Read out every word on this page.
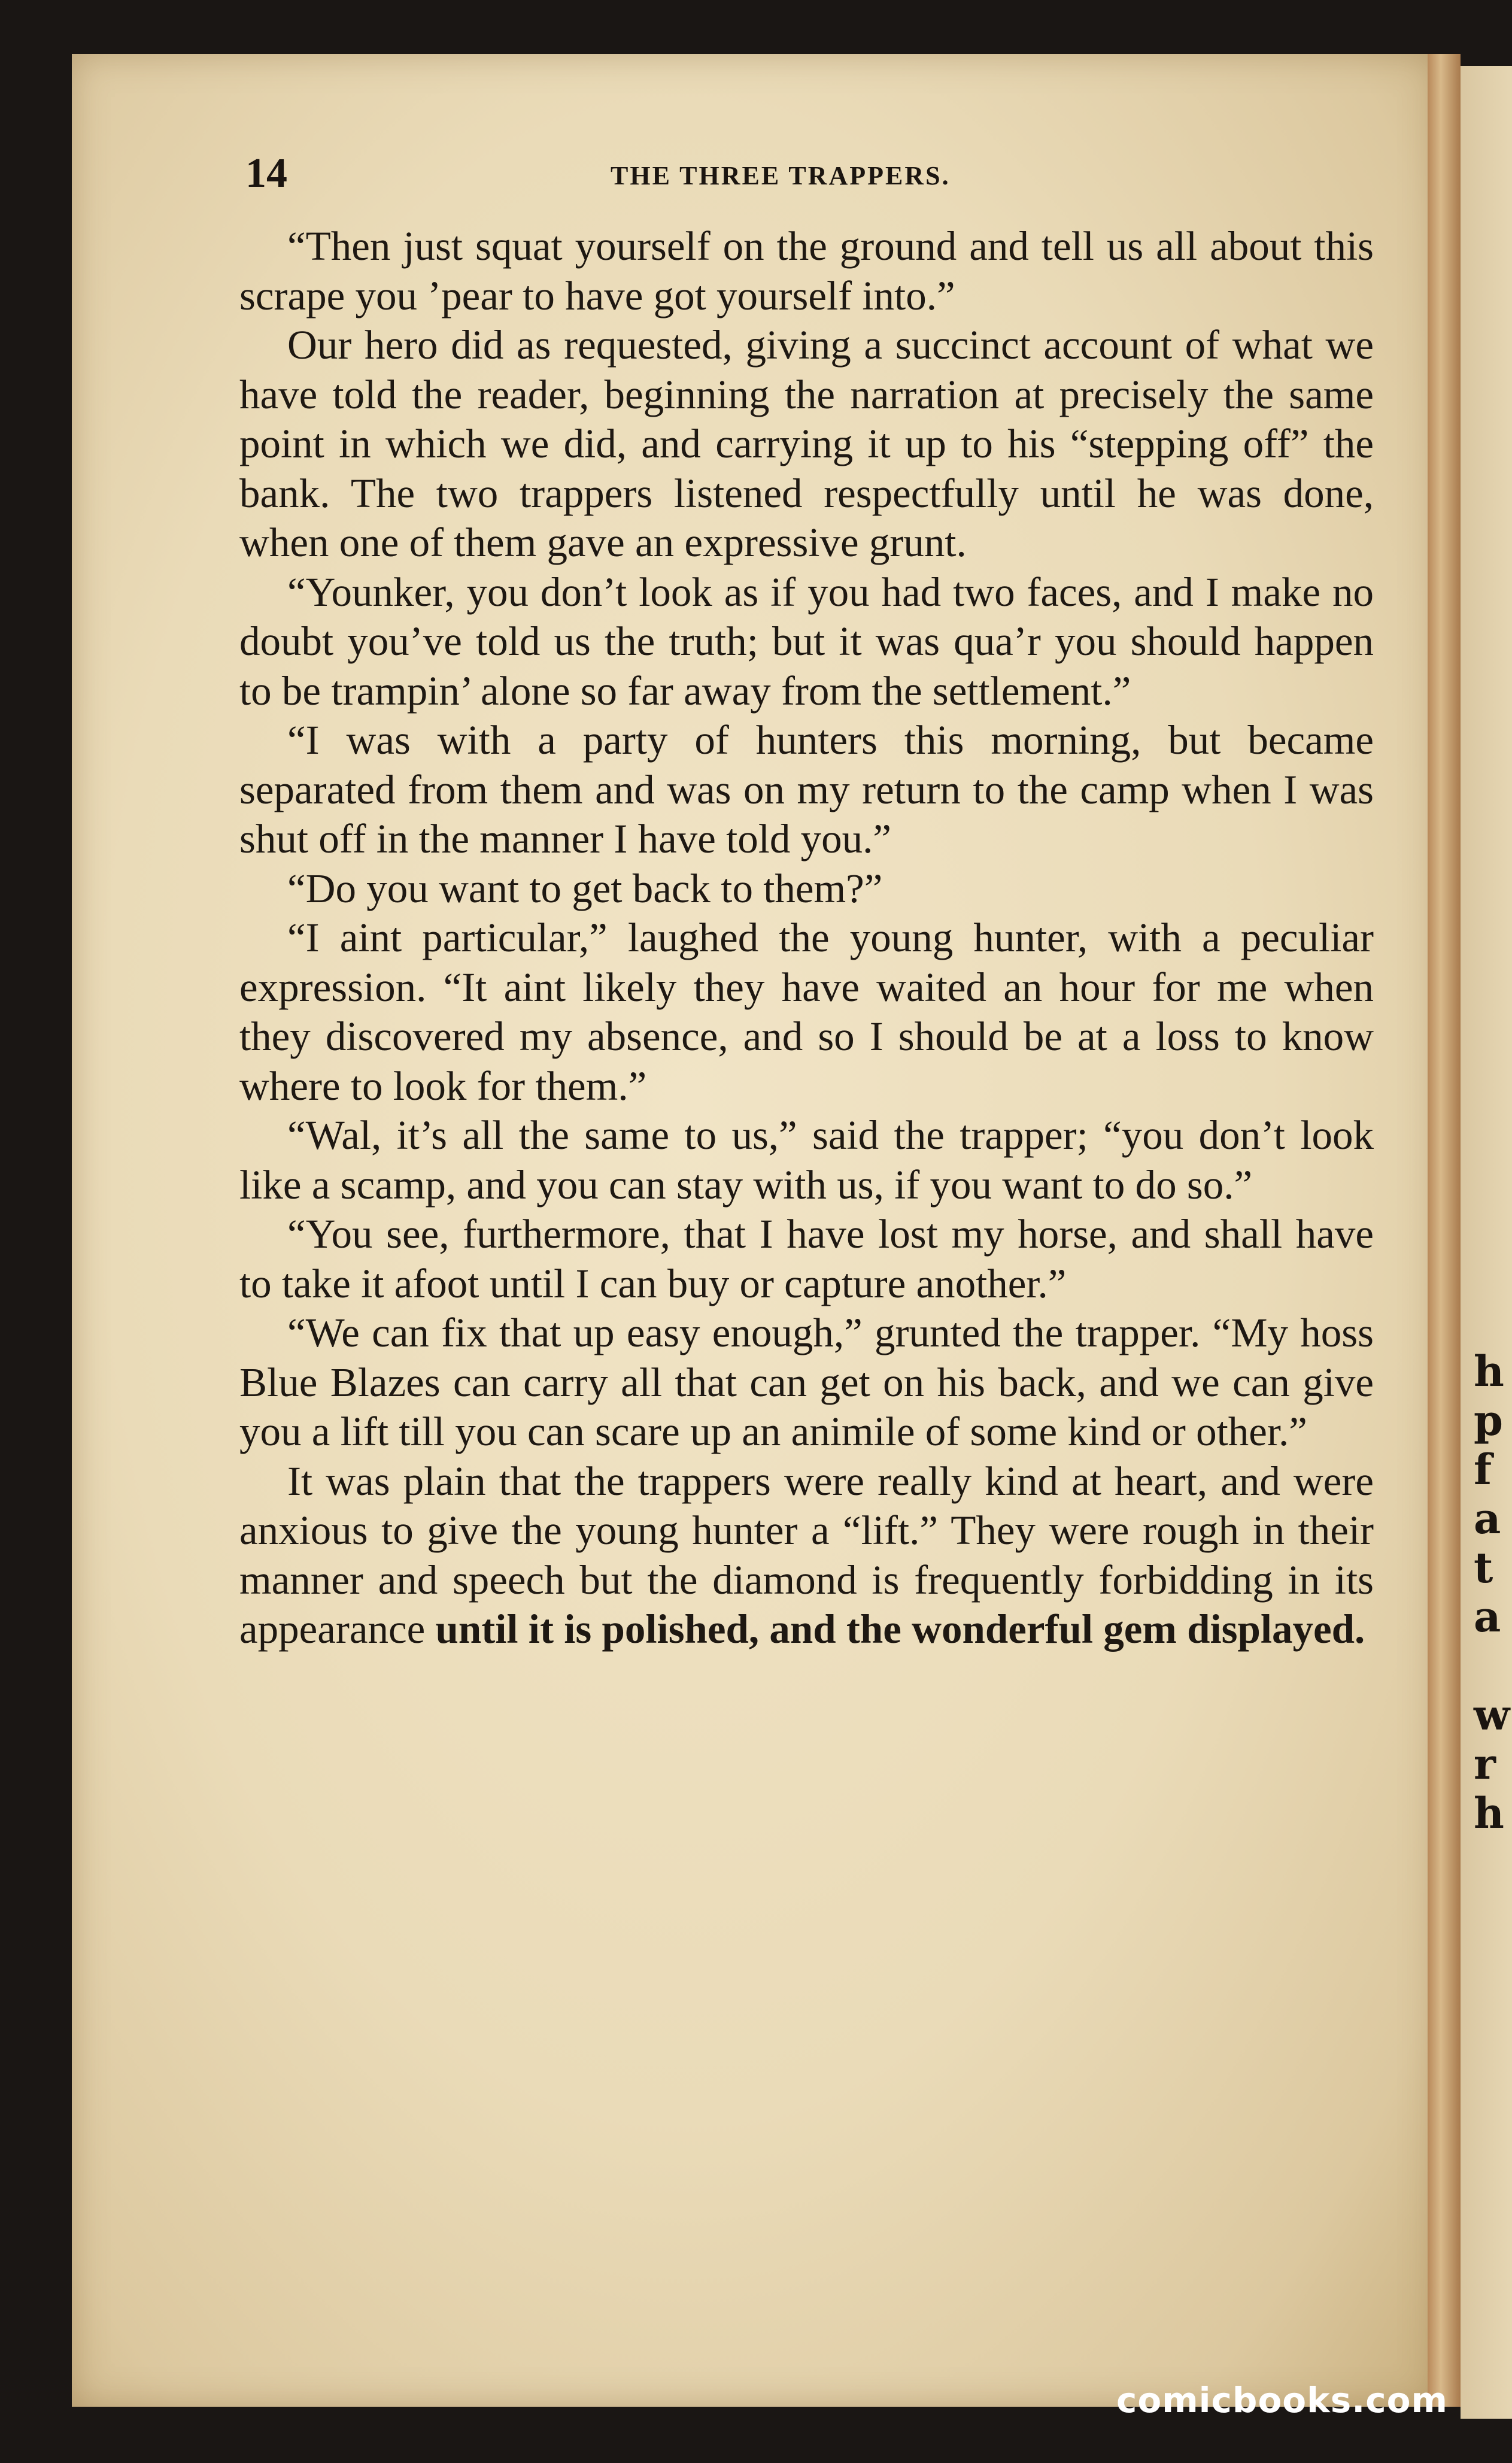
h
p
f
a
t
a

w
r
h
14	THE THREE TRAPPERS.

“Then just squat yourself on the ground and tell us all about this scrape you ’pear to have got yourself into.”

Our hero did as requested, giving a succinct account of what we have told the reader, beginning the narration at precisely the same point in which we did, and carrying it up to his “stepping off” the bank. The two trappers listened respectfully until he was done, when one of them gave an expressive grunt.

“Younker, you don’t look as if you had two faces, and I make no doubt you’ve told us the truth; but it was qua’r you should happen to be trampin’ alone so far away from the settlement.”

“I was with a party of hunters this morning, but became separated from them and was on my return to the camp when I was shut off in the manner I have told you.”

“Do you want to get back to them?”

“I aint particular,” laughed the young hunter, with a peculiar expression. “It aint likely they have waited an hour for me when they discovered my absence, and so I should be at a loss to know where to look for them.”

“Wal, it’s all the same to us,” said the trapper; “you don’t look like a scamp, and you can stay with us, if you want to do so.”

“You see, furthermore, that I have lost my horse, and shall have to take it afoot until I can buy or capture another.”

“We can fix that up easy enough,” grunted the trapper. “My hoss Blue Blazes can carry all that can get on his back, and we can give you a lift till you can scare up an animile of some kind or other.”

It was plain that the trappers were really kind at heart, and were anxious to give the young hunter a “lift.” They were rough in their manner and speech but the diamond is frequently forbidding in its appearance until it is polished, and the wonderful gem displayed.

comicbooks.com
